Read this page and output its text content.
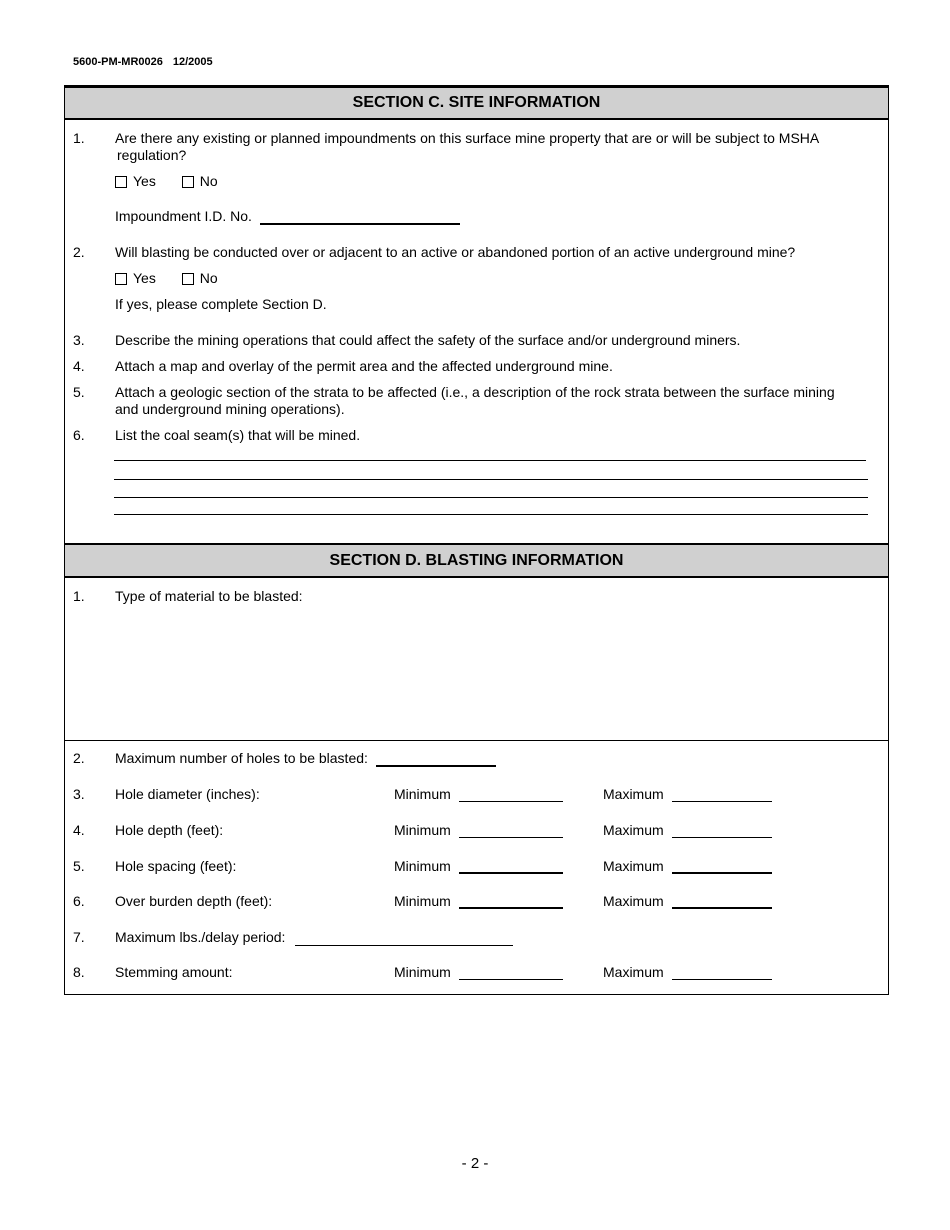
5600-PM-MR0026 12/2005
SECTION C. SITE INFORMATION
1. Are there any existing or planned impoundments on this surface mine property that are or will be subject to MSHA
regulation?
Yes	No
Impoundment I.D. No.
2. Will blasting be conducted over or adjacent to an active or abandoned portion of an active underground mine?
Yes	No
If yes, please complete Section D.
3. Describe the mining operations that could affect the safety of the surface and/or underground miners.
4. Attach a map and overlay of the permit area and the affected underground mine.
5. Attach a geologic section of the strata to be affected (i.e., a description of the rock strata between the surface mining
and underground mining operations).
6. List the coal seam(s) that will be mined.
SECTION D. BLASTING INFORMATION
1. Type of material to be blasted:
2. Maximum number of holes to be blasted:
3. Hole diameter (inches):	Minimum	Maximum
4. Hole depth (feet):	Minimum	Maximum
5. Hole spacing (feet):	Minimum	Maximum
6. Over burden depth (feet):	Minimum	Maximum
7. Maximum lbs./delay period:
8. Stemming amount:	Minimum	Maximum
- 2 -
